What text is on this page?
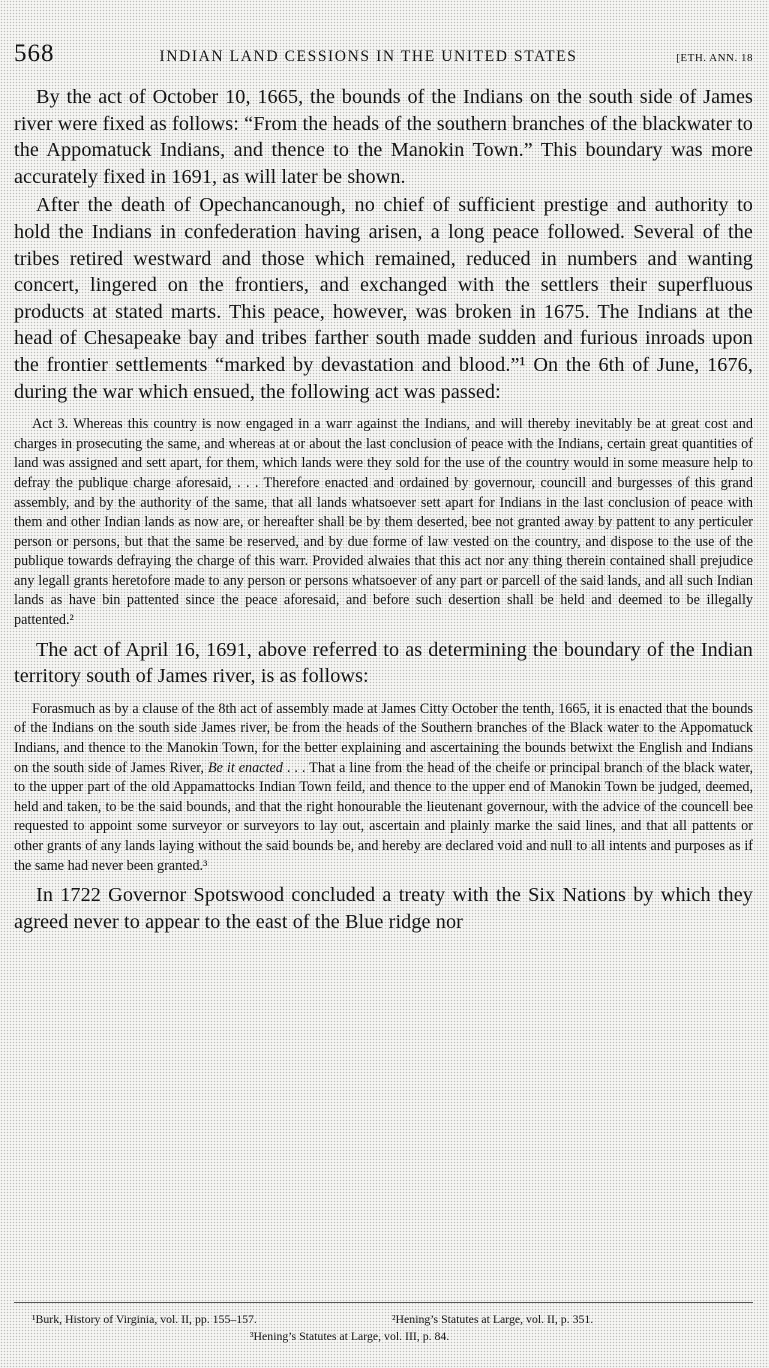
568	INDIAN LAND CESSIONS IN THE UNITED STATES	[ETH. ANN. 18

By the act of October 10, 1665, the bounds of the Indians on the south side of James river were fixed as follows: “From the heads of the southern branches of the blackwater to the Appomatuck Indians, and thence to the Manokin Town.” This boundary was more accurately fixed in 1691, as will later be shown.

After the death of Opechancanough, no chief of sufficient prestige and authority to hold the Indians in confederation having arisen, a long peace followed. Several of the tribes retired westward and those which remained, reduced in numbers and wanting concert, lingered on the frontiers, and exchanged with the settlers their superfluous products at stated marts. This peace, however, was broken in 1675. The Indians at the head of Chesapeake bay and tribes farther south made sudden and furious inroads upon the frontier settlements “marked by devastation and blood.”¹ On the 6th of June, 1676, during the war which ensued, the following act was passed:

Act 3. Whereas this country is now engaged in a warr against the Indians, and will thereby inevitably be at great cost and charges in prosecuting the same, and whereas at or about the last conclusion of peace with the Indians, certain great quantities of land was assigned and sett apart, for them, which lands were they sold for the use of the country would in some measure help to defray the publique charge aforesaid, . . . Therefore enacted and ordained by governour, councill and burgesses of this grand assembly, and by the authority of the same, that all lands whatsoever sett apart for Indians in the last conclusion of peace with them and other Indian lands as now are, or hereafter shall be by them deserted, bee not granted away by pattent to any perticuler person or persons, but that the same be reserved, and by due forme of law vested on the country, and dispose to the use of the publique towards defraying the charge of this warr. Provided alwaies that this act nor any thing therein contained shall prejudice any legall grants heretofore made to any person or persons whatsoever of any part or parcell of the said lands, and all such Indian lands as have bin pattented since the peace aforesaid, and before such desertion shall be held and deemed to be illegally pattented.²

The act of April 16, 1691, above referred to as determining the boundary of the Indian territory south of James river, is as follows:

Forasmuch as by a clause of the 8th act of assembly made at James Citty October the tenth, 1665, it is enacted that the bounds of the Indians on the south side James river, be from the heads of the Southern branches of the Black water to the Appomatuck Indians, and thence to the Manokin Town, for the better explaining and ascertaining the bounds betwixt the English and Indians on the south side of James River, Be it enacted . . . That a line from the head of the cheife or principal branch of the black water, to the upper part of the old Appamattocks Indian Town feild, and thence to the upper end of Manokin Town be judged, deemed, held and taken, to be the said bounds, and that the right honourable the lieutenant governour, with the advice of the councell bee requested to appoint some surveyor or surveyors to lay out, ascertain and plainly marke the said lines, and that all pattents or other grants of any lands laying without the said bounds be, and hereby are declared void and null to all intents and purposes as if the same had never been granted.³

In 1722 Governor Spotswood concluded a treaty with the Six Nations by which they agreed never to appear to the east of the Blue ridge nor

¹Burk, History of Virginia, vol. II, pp. 155–157.	²Hening’s Statutes at Large, vol. II, p. 351.
³Hening’s Statutes at Large, vol. III, p. 84.
